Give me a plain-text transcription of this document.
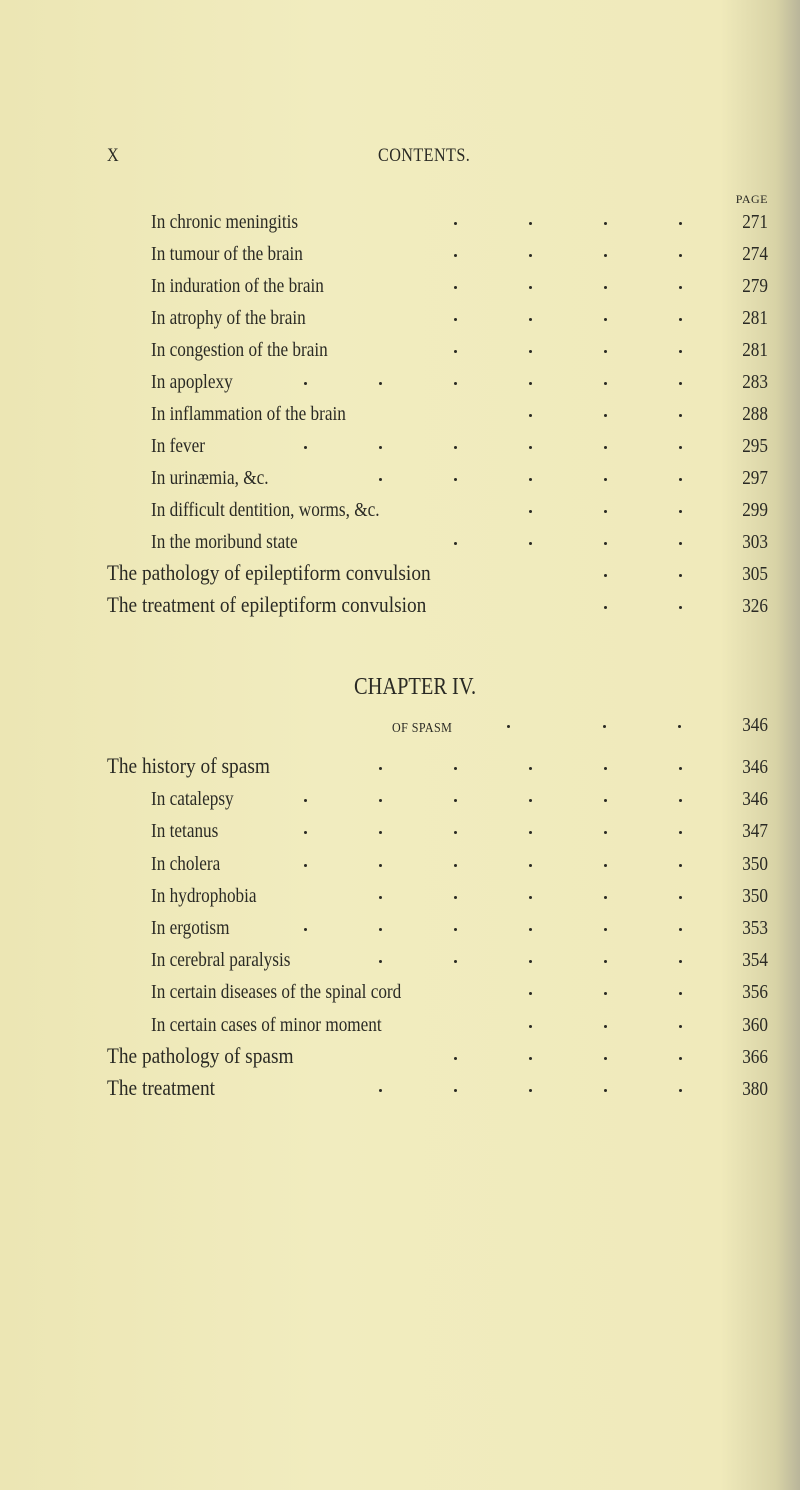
X	CONTENTS.
PAGE
In chronic meningitis	271
In tumour of the brain	274
In induration of the brain	279
In atrophy of the brain	281
In congestion of the brain	281
In apoplexy	283
In inflammation of the brain	288
In fever	295
In urinæmia, &c.	297
In difficult dentition, worms, &c.	299
In the moribund state	303
The pathology of epileptiform convulsion	305
The treatment of epileptiform convulsion	326
CHAPTER IV.
OF SPASM	346
The history of spasm	346
In catalepsy	346
In tetanus	347
In cholera	350
In hydrophobia	350
In ergotism	353
In cerebral paralysis	354
In certain diseases of the spinal cord	356
In certain cases of minor moment	360
The pathology of spasm	366
The treatment	380
